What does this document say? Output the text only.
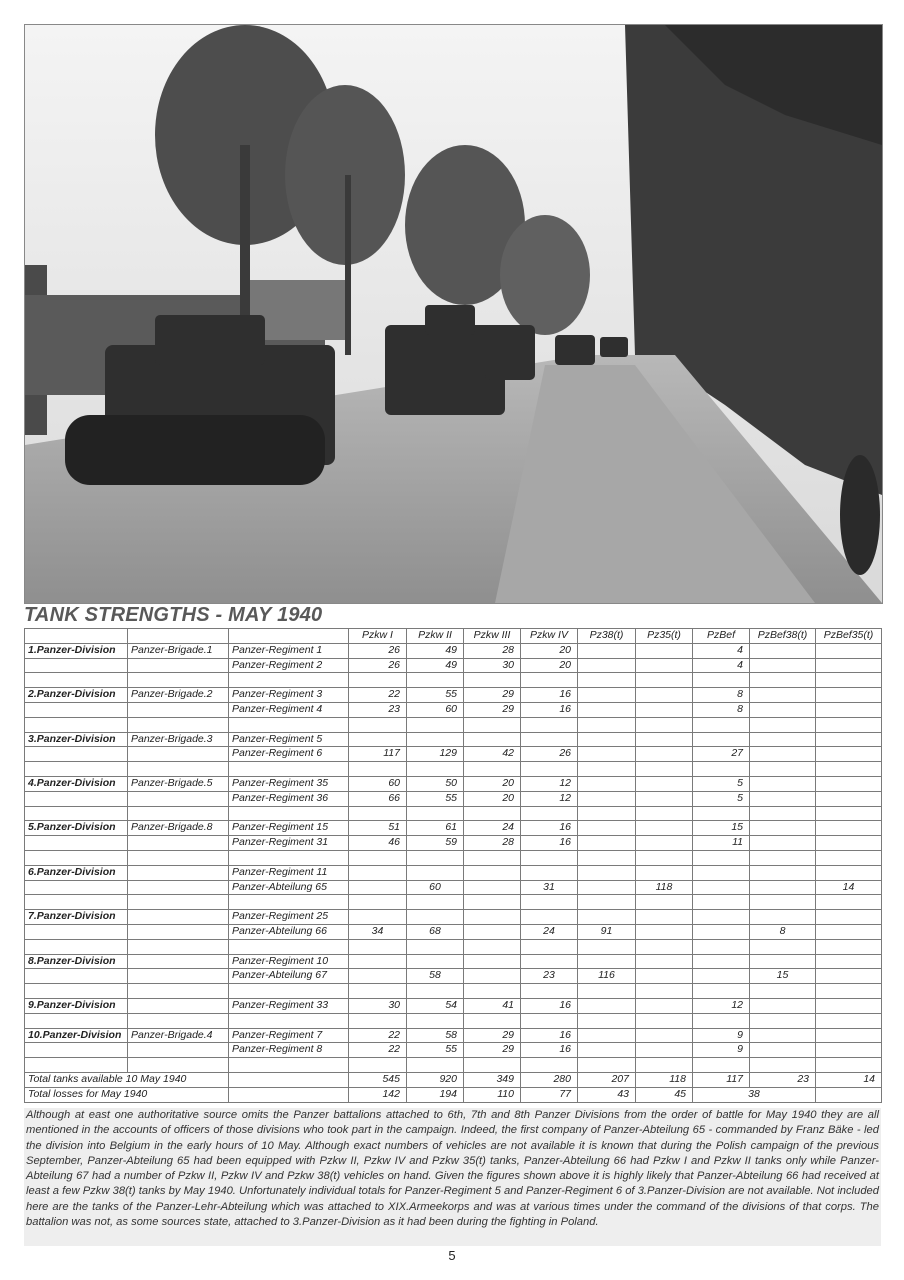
TANK STRENGTHS - MAY 1940
			Pzkw I	Pzkw II	Pzkw III	Pzkw IV	Pz38(t)	Pz35(t)	PzBef	PzBef38(t)	PzBef35(t)
1.Panzer-Division	Panzer-Brigade.1	Panzer-Regiment 1	26	49	28	20			4		
		Panzer-Regiment 2	26	49	30	20			4		

2.Panzer-Division	Panzer-Brigade.2	Panzer-Regiment 3	22	55	29	16			8		
		Panzer-Regiment 4	23	60	29	16			8		

3.Panzer-Division	Panzer-Brigade.3	Panzer-Regiment 5									
		Panzer-Regiment 6	117	129	42	26			27		

4.Panzer-Division	Panzer-Brigade.5	Panzer-Regiment 35	60	50	20	12			5		
		Panzer-Regiment 36	66	55	20	12			5		

5.Panzer-Division	Panzer-Brigade.8	Panzer-Regiment 15	51	61	24	16			15		
		Panzer-Regiment 31	46	59	28	16			11		

6.Panzer-Division		Panzer-Regiment 11									
		Panzer-Abteilung 65		60		31		118			14

7.Panzer-Division		Panzer-Regiment 25									
		Panzer-Abteilung 66	34	68		24	91			8	

8.Panzer-Division		Panzer-Regiment 10									
		Panzer-Abteilung 67		58		23	116			15	

9.Panzer-Division		Panzer-Regiment 33	30	54	41	16			12		

10.Panzer-Division	Panzer-Brigade.4	Panzer-Regiment 7	22	58	29	16			9		
		Panzer-Regiment 8	22	55	29	16			9		

Total tanks available 10 May 1940			545	920	349	280	207	118	117	23	14
Total losses for May 1940			142	194	110	77	43	45	38		
Although at east one authoritative source omits the Panzer battalions attached to 6th, 7th and 8th Panzer Divisions from the order of battle for May 1940 they are all mentioned in the accounts of officers of those divisions who took part in the campaign. Indeed, the first company of Panzer-Abteilung 65 - commanded by Franz Bäke - led the division into Belgium in the early hours of 10 May. Although exact numbers of vehicles are not available it is known that during the Polish campaign of the previous September, Panzer-Abteilung 65 had been equipped with Pzkw II, Pzkw IV and Pzkw 35(t) tanks, Panzer-Abteilung 66 had Pzkw I and Pzkw II tanks only while Panzer-Abteilung 67 had a number of Pzkw II, Pzkw IV and Pzkw 38(t) vehicles on hand. Given the figures shown above it is highly likely that Panzer-Abteilung 66 had received at least a few Pzkw 38(t) tanks by May 1940. Unfortunately individual totals for Panzer-Regiment 5 and Panzer-Regiment 6 of 3.Panzer-Division are not available. Not included here are the tanks of the Panzer-Lehr-Abteilung which was attached to XIX.Armeekorps and was at various times under the command of the divisions of that corps. The battalion was not, as some sources state, attached to 3.Panzer-Division as it had been during the fighting in Poland.
5
